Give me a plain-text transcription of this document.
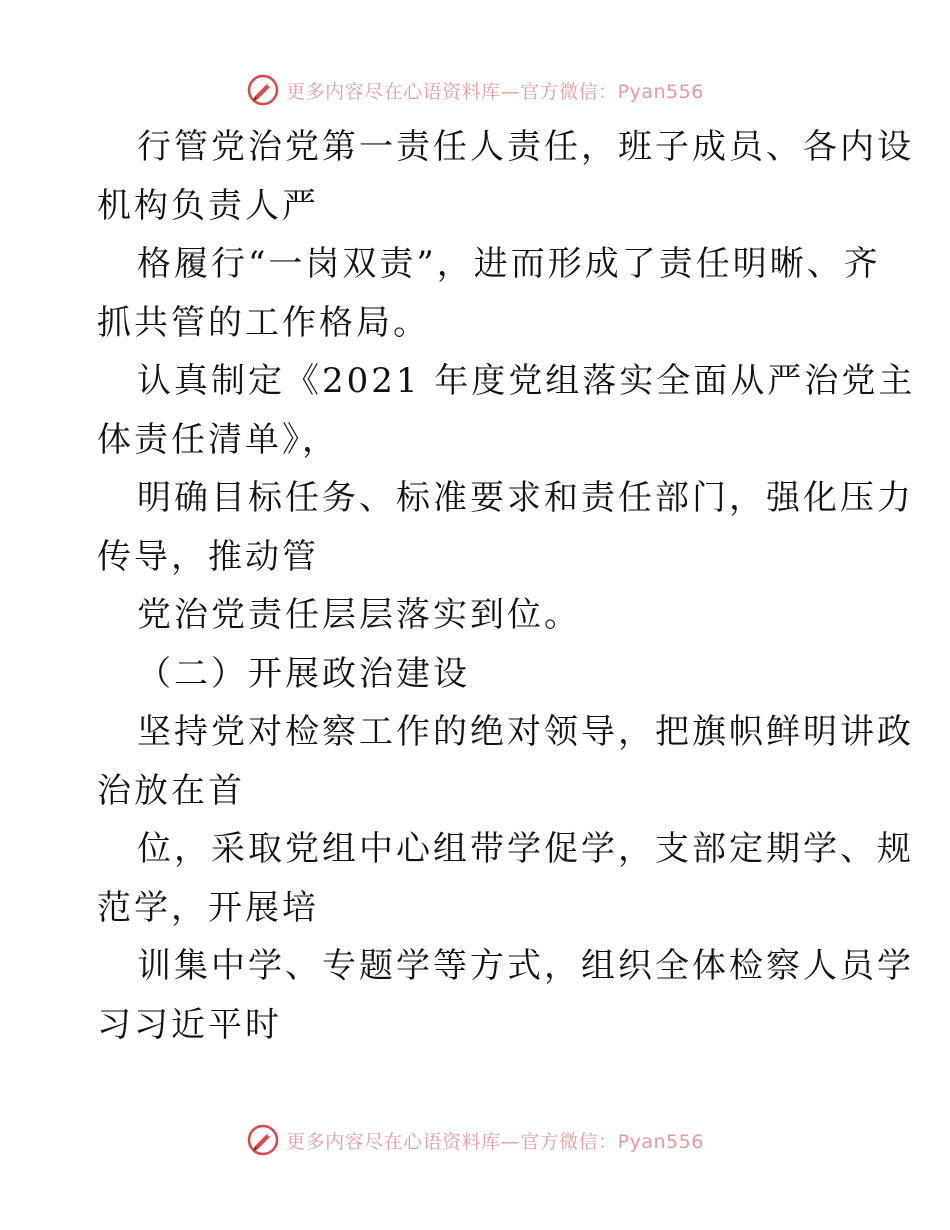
更多内容尽在心语资料库—官方微信：Pyan556
行管党治党第一责任人责任，班子成员、各内设
机构负责人严
格履行“一岗双责”，进而形成了责任明晰、齐
抓共管的工作格局。
认真制定《2021 年度党组落实全面从严治党主
体责任清单》，
明确目标任务、标准要求和责任部门，强化压力
传导，推动管
党治党责任层层落实到位。
（二）开展政治建设
坚持党对检察工作的绝对领导，把旗帜鲜明讲政
治放在首
位，采取党组中心组带学促学，支部定期学、规
范学，开展培
训集中学、专题学等方式，组织全体检察人员学
习习近平时
更多内容尽在心语资料库—官方微信：Pyan556
